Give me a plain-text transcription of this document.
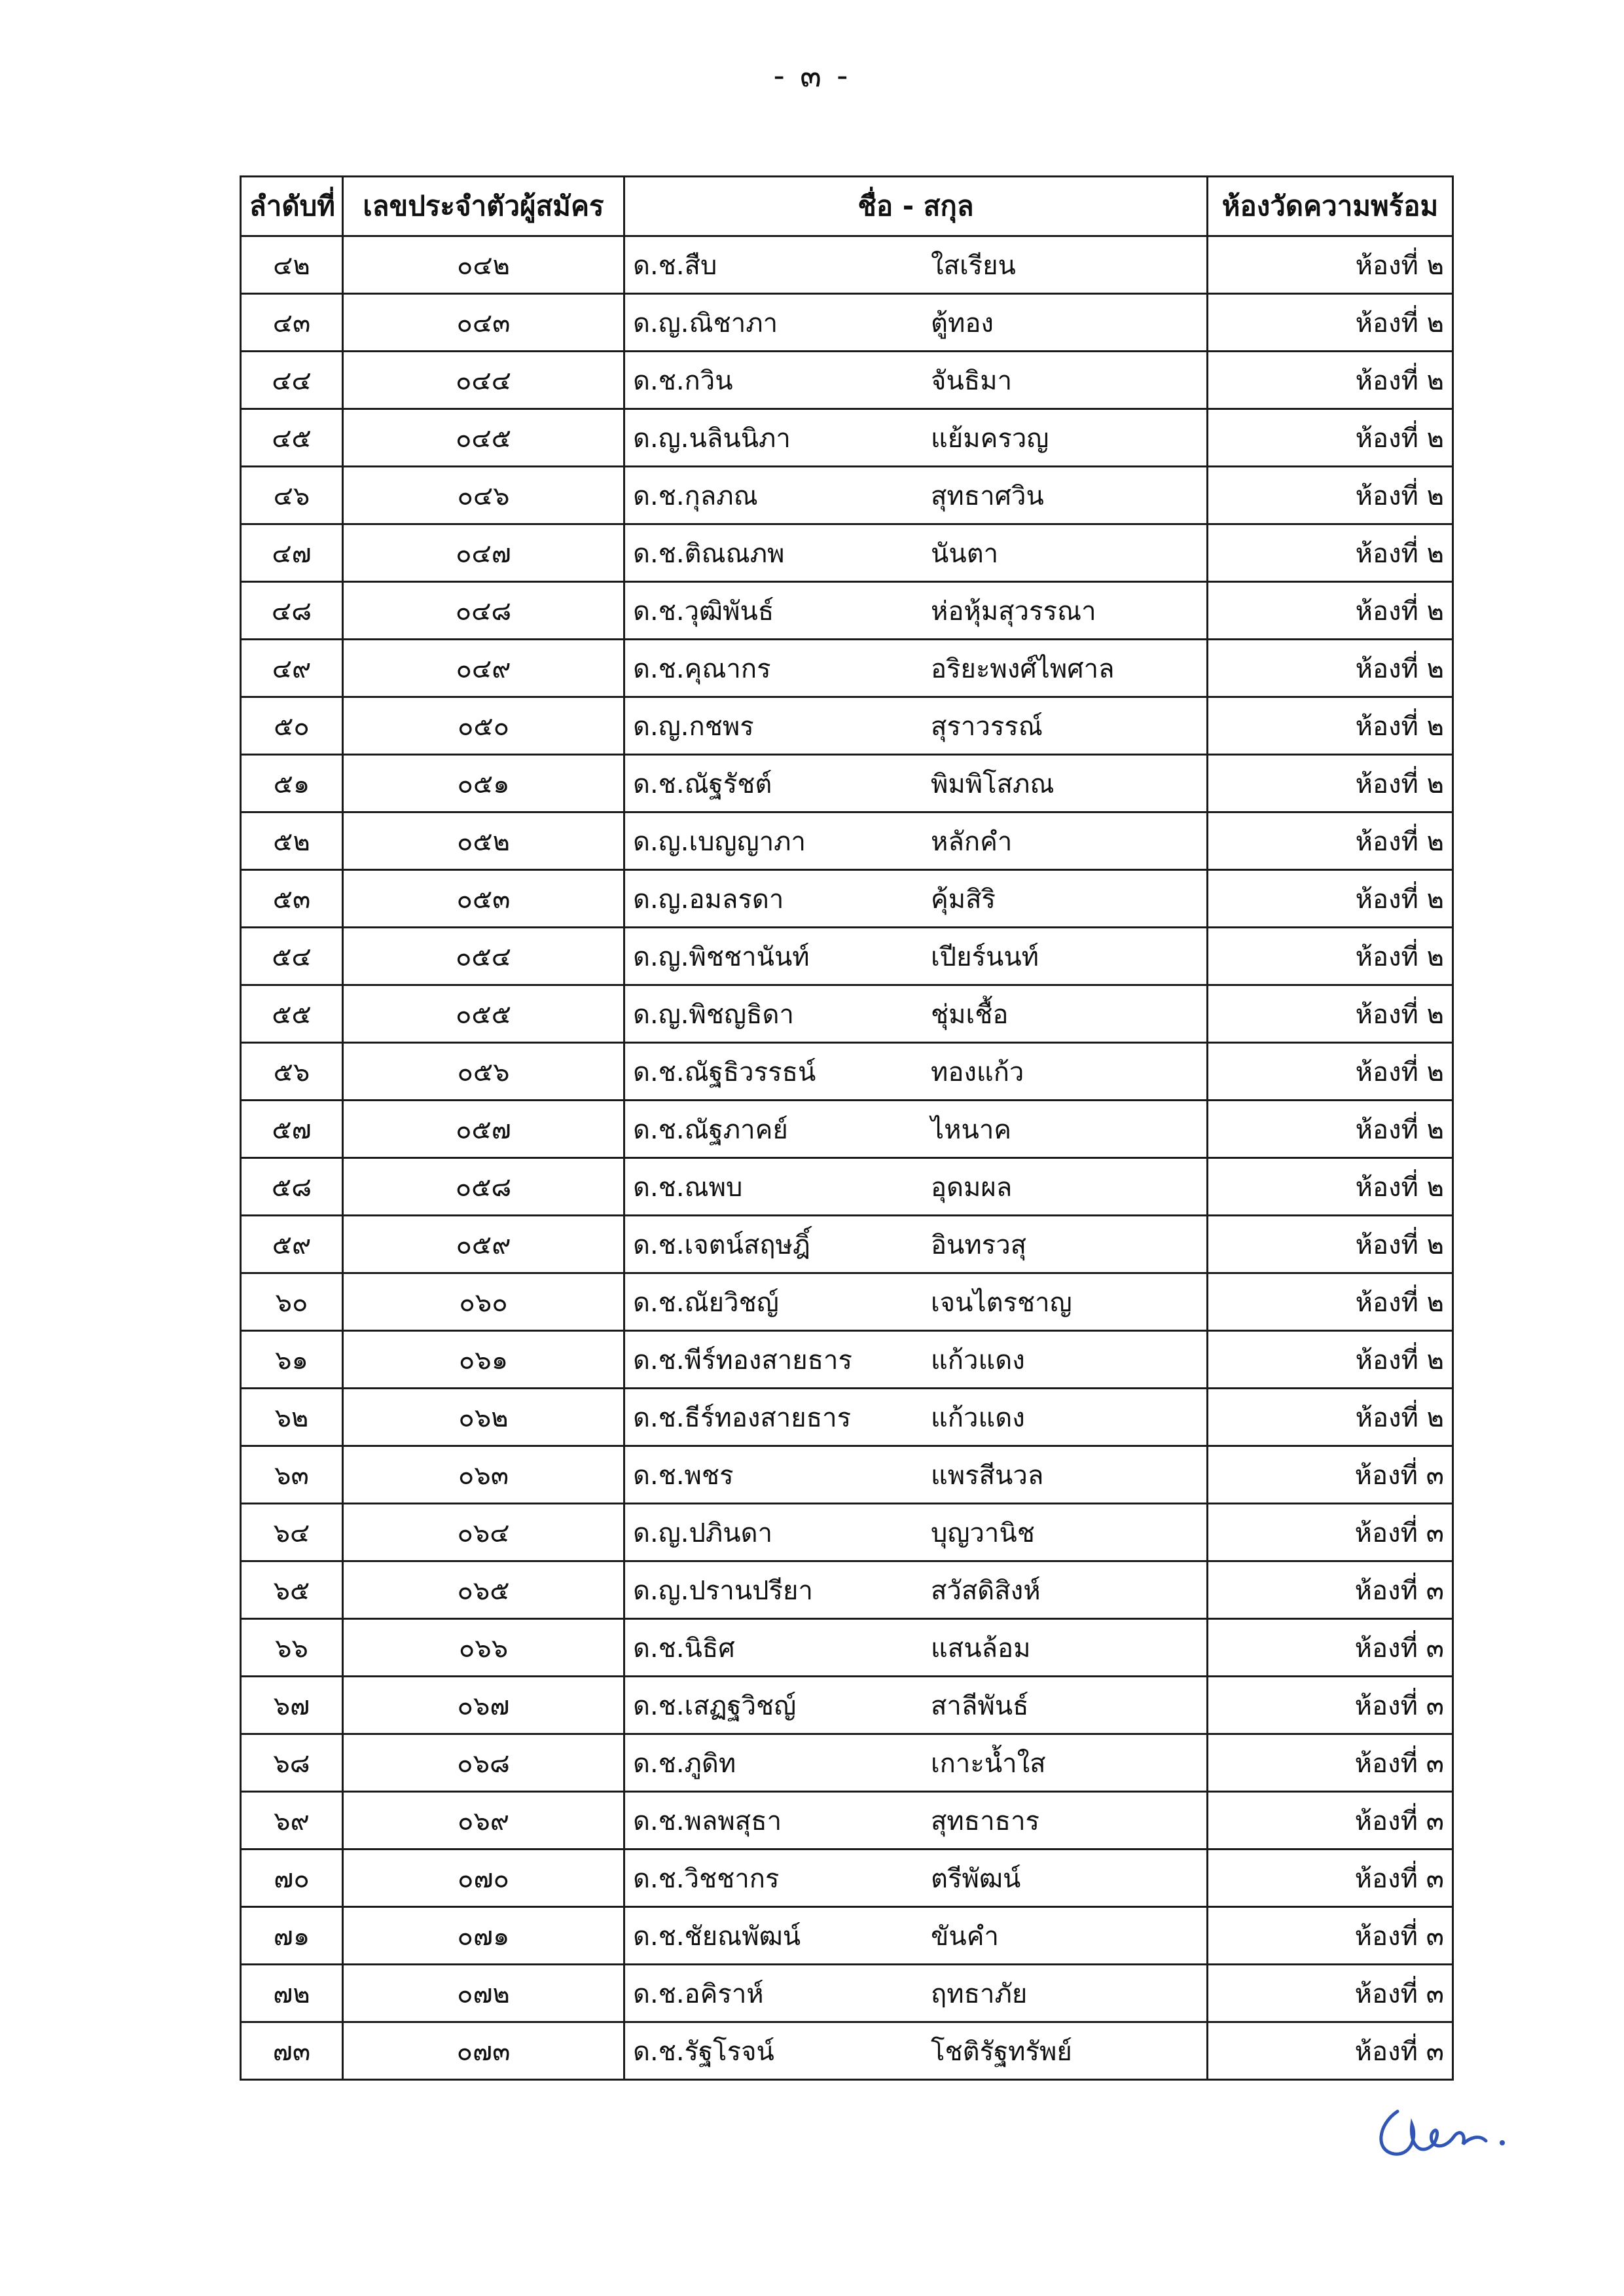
- ๓ -
ลำดับที่	เลขประจำตัวผู้สมัคร	ชื่อ - สกุล	ห้องวัดความพร้อม
๔๒	๐๔๒	ด.ช.สืบ ใสเรียน	ห้องที่ ๒
๔๓	๐๔๓	ด.ญ.ณิชาภา ตู้ทอง	ห้องที่ ๒
๔๔	๐๔๔	ด.ช.กวิน จันธิมา	ห้องที่ ๒
๔๕	๐๔๕	ด.ญ.นลินนิภา แย้มครวญ	ห้องที่ ๒
๔๖	๐๔๖	ด.ช.กุลภณ สุทธาศวิน	ห้องที่ ๒
๔๗	๐๔๗	ด.ช.ติณณภพ นันตา	ห้องที่ ๒
๔๘	๐๔๘	ด.ช.วุฒิพันธ์ ห่อหุ้มสุวรรณา	ห้องที่ ๒
๔๙	๐๔๙	ด.ช.คุณากร อริยะพงศ์ไพศาล	ห้องที่ ๒
๕๐	๐๕๐	ด.ญ.กชพร สุราวรรณ์	ห้องที่ ๒
๕๑	๐๕๑	ด.ช.ณัฐรัชต์ พิมพิโสภณ	ห้องที่ ๒
๕๒	๐๕๒	ด.ญ.เบญญาภา หลักคำ	ห้องที่ ๒
๕๓	๐๕๓	ด.ญ.อมลรดา คุ้มสิริ	ห้องที่ ๒
๕๔	๐๕๔	ด.ญ.พิชชานันท์ เปียร์นนท์	ห้องที่ ๒
๕๕	๐๕๕	ด.ญ.พิชญธิดา ชุ่มเชื้อ	ห้องที่ ๒
๕๖	๐๕๖	ด.ช.ณัฐธิวรรธน์ ทองแก้ว	ห้องที่ ๒
๕๗	๐๕๗	ด.ช.ณัฐภาคย์ ไหนาค	ห้องที่ ๒
๕๘	๐๕๘	ด.ช.ณพบ อุดมผล	ห้องที่ ๒
๕๙	๐๕๙	ด.ช.เจตน์สฤษฎิ์ อินทรวสุ	ห้องที่ ๒
๖๐	๐๖๐	ด.ช.ณัยวิชญ์ เจนไตรชาญ	ห้องที่ ๒
๖๑	๐๖๑	ด.ช.พีร์ทองสายธาร แก้วแดง	ห้องที่ ๒
๖๒	๐๖๒	ด.ช.ธีร์ทองสายธาร แก้วแดง	ห้องที่ ๒
๖๓	๐๖๓	ด.ช.พชร แพรสีนวล	ห้องที่ ๓
๖๔	๐๖๔	ด.ญ.ปภินดา บุญวานิช	ห้องที่ ๓
๖๕	๐๖๕	ด.ญ.ปรานปรียา สวัสดิสิงห์	ห้องที่ ๓
๖๖	๐๖๖	ด.ช.นิธิศ แสนล้อม	ห้องที่ ๓
๖๗	๐๖๗	ด.ช.เสฏฐวิชญ์ สาลีพันธ์	ห้องที่ ๓
๖๘	๐๖๘	ด.ช.ภูดิท เกาะน้ำใส	ห้องที่ ๓
๖๙	๐๖๙	ด.ช.พลพสุธา สุทธาธาร	ห้องที่ ๓
๗๐	๐๗๐	ด.ช.วิชชากร ตรีพัฒน์	ห้องที่ ๓
๗๑	๐๗๑	ด.ช.ชัยณพัฒน์ ขันคำ	ห้องที่ ๓
๗๒	๐๗๒	ด.ช.อคิราห์ ฤทธาภัย	ห้องที่ ๓
๗๓	๐๗๓	ด.ช.รัฐโรจน์ โชติรัฐทรัพย์	ห้องที่ ๓
